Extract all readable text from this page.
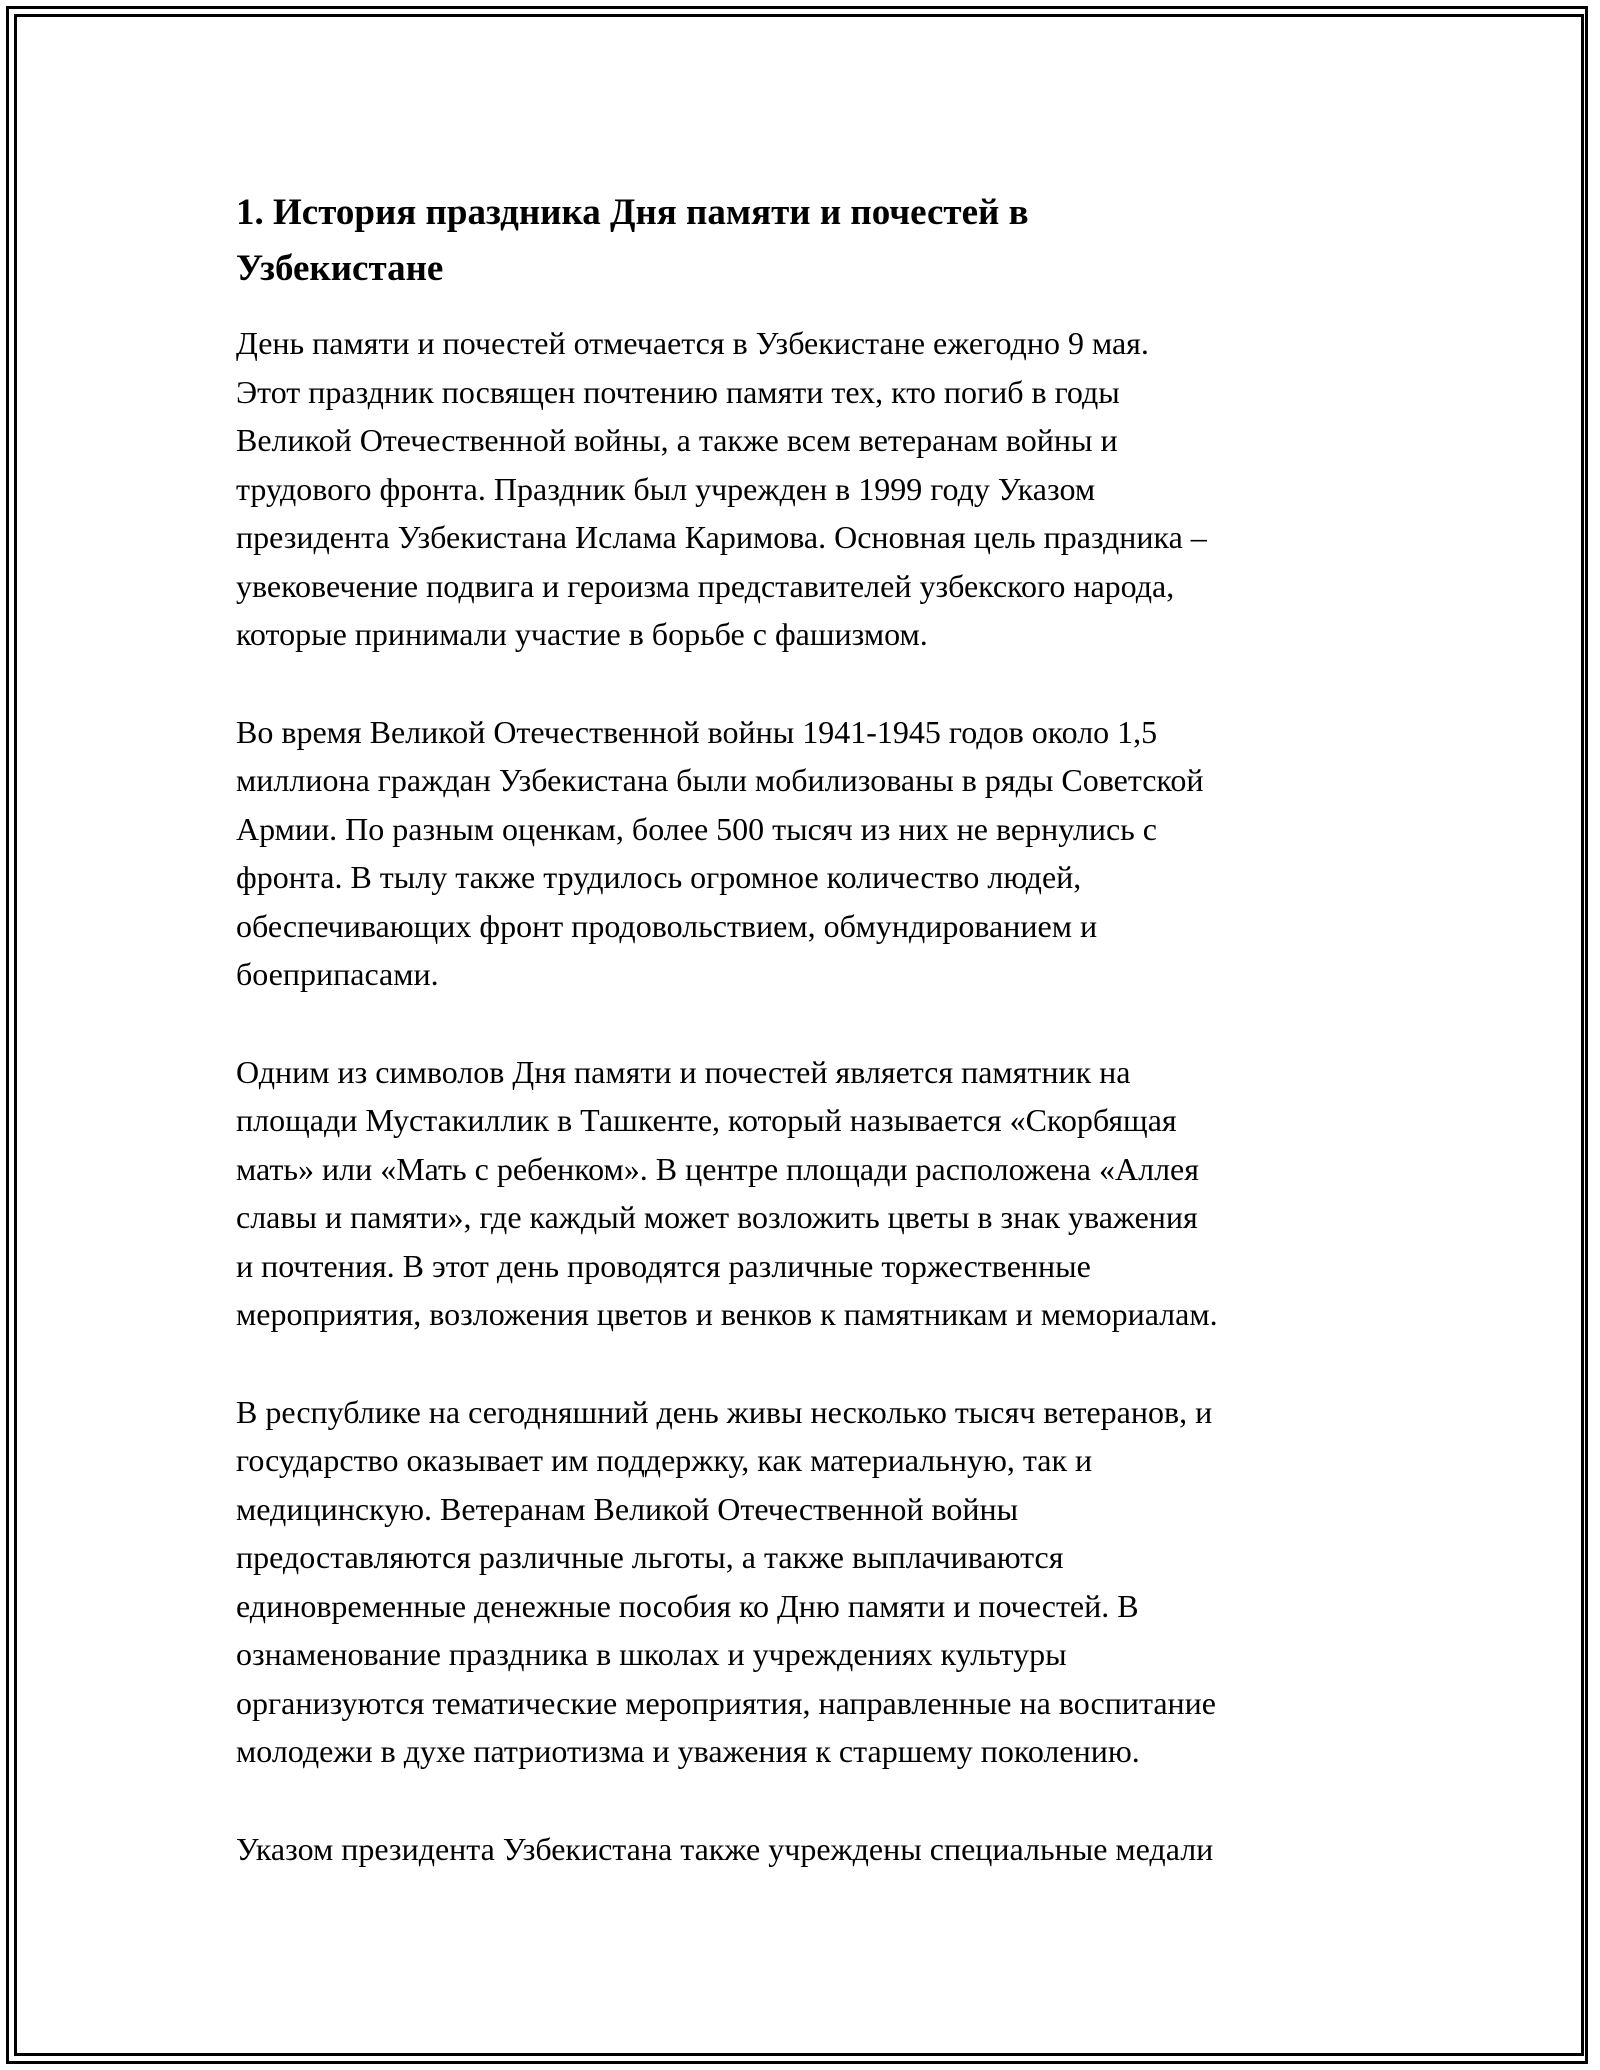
1. История праздника Дня памяти и почестей в
Узбекистане
День памяти и почестей отмечается в Узбекистане ежегодно 9 мая.
Этот праздник посвящен почтению памяти тех, кто погиб в годы
Великой Отечественной войны, а также всем ветеранам войны и
трудового фронта. Праздник был учрежден в 1999 году Указом
президента Узбекистана Ислама Каримова. Основная цель праздника –
увековечение подвига и героизма представителей узбекского народа,
которые принимали участие в борьбе с фашизмом.
Во время Великой Отечественной войны 1941-1945 годов около 1,5
миллиона граждан Узбекистана были мобилизованы в ряды Советской
Армии. По разным оценкам, более 500 тысяч из них не вернулись с
фронта. В тылу также трудилось огромное количество людей,
обеспечивающих фронт продовольствием, обмундированием и
боеприпасами.
Одним из символов Дня памяти и почестей является памятник на
площади Мустакиллик в Ташкенте, который называется «Скорбящая
мать» или «Мать с ребенком». В центре площади расположена «Аллея
славы и памяти», где каждый может возложить цветы в знак уважения
и почтения. В этот день проводятся различные торжественные
мероприятия, возложения цветов и венков к памятникам и мемориалам.
В республике на сегодняшний день живы несколько тысяч ветеранов, и
государство оказывает им поддержку, как материальную, так и
медицинскую. Ветеранам Великой Отечественной войны
предоставляются различные льготы, а также выплачиваются
единовременные денежные пособия ко Дню памяти и почестей. В
ознаменование праздника в школах и учреждениях культуры
организуются тематические мероприятия, направленные на воспитание
молодежи в духе патриотизма и уважения к старшему поколению.
Указом президента Узбекистана также учреждены специальные медали
